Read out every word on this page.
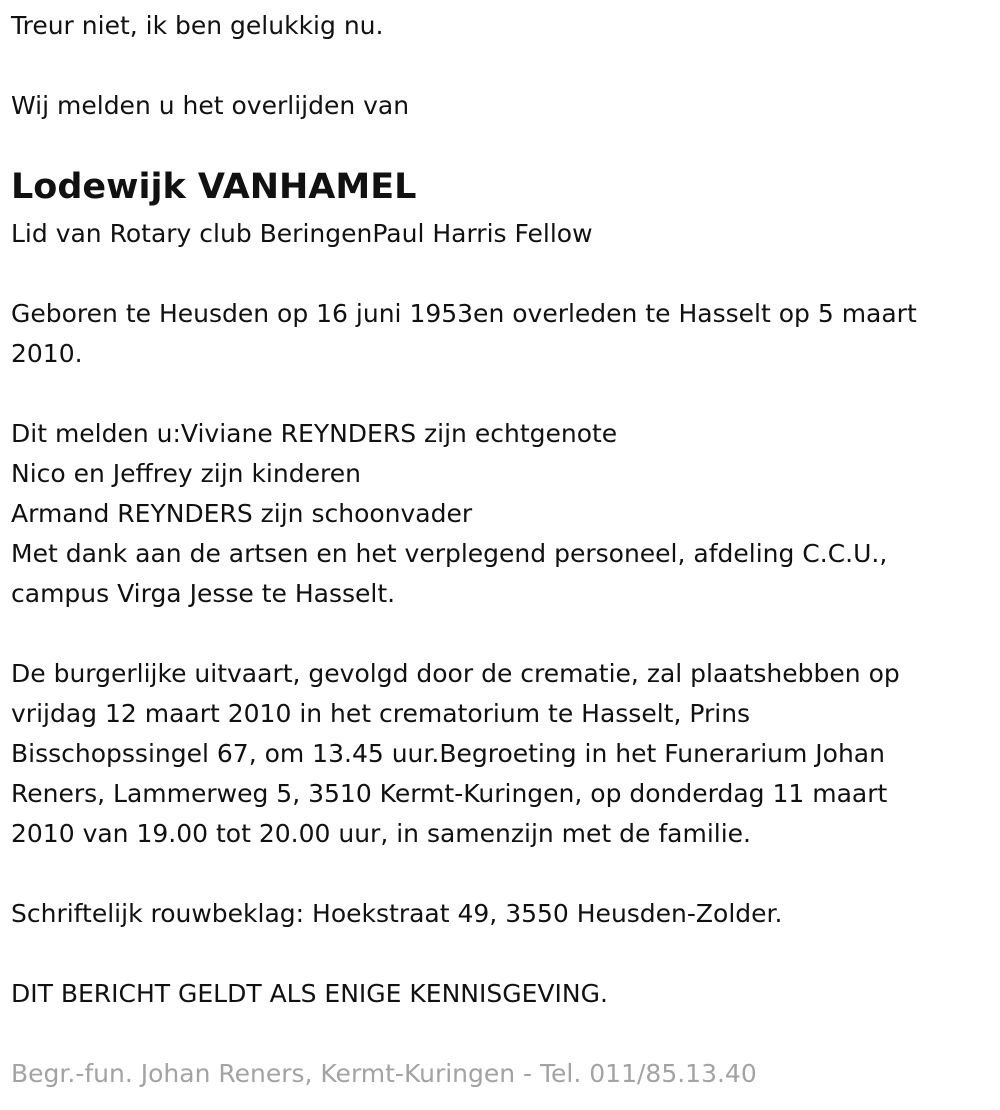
Treur niet, ik ben gelukkig nu.

Wij melden u het overlijden van

Lodewijk VANHAMEL

Lid van Rotary club BeringenPaul Harris Fellow

Geboren te Heusden op 16 juni 1953en overleden te Hasselt op 5 maart

2010.

Dit melden u:Viviane REYNDERS zijn echtgenote

Nico en Jeffrey zijn kinderen

Armand REYNDERS zijn schoonvader

Met dank aan de artsen en het verplegend personeel, afdeling C.C.U.,

campus Virga Jesse te Hasselt.

De burgerlijke uitvaart, gevolgd door de crematie, zal plaatshebben op

vrijdag 12 maart 2010 in het crematorium te Hasselt, Prins

Bisschopssingel 67, om 13.45 uur.Begroeting in het Funerarium Johan

Reners, Lammerweg 5, 3510 Kermt-Kuringen, op donderdag 11 maart

2010 van 19.00 tot 20.00 uur, in samenzijn met de familie.

Schriftelijk rouwbeklag: Hoekstraat 49, 3550 Heusden-Zolder.

DIT BERICHT GELDT ALS ENIGE KENNISGEVING.

Begr.-fun. Johan Reners, Kermt-Kuringen - Tel. 011/85.13.40
